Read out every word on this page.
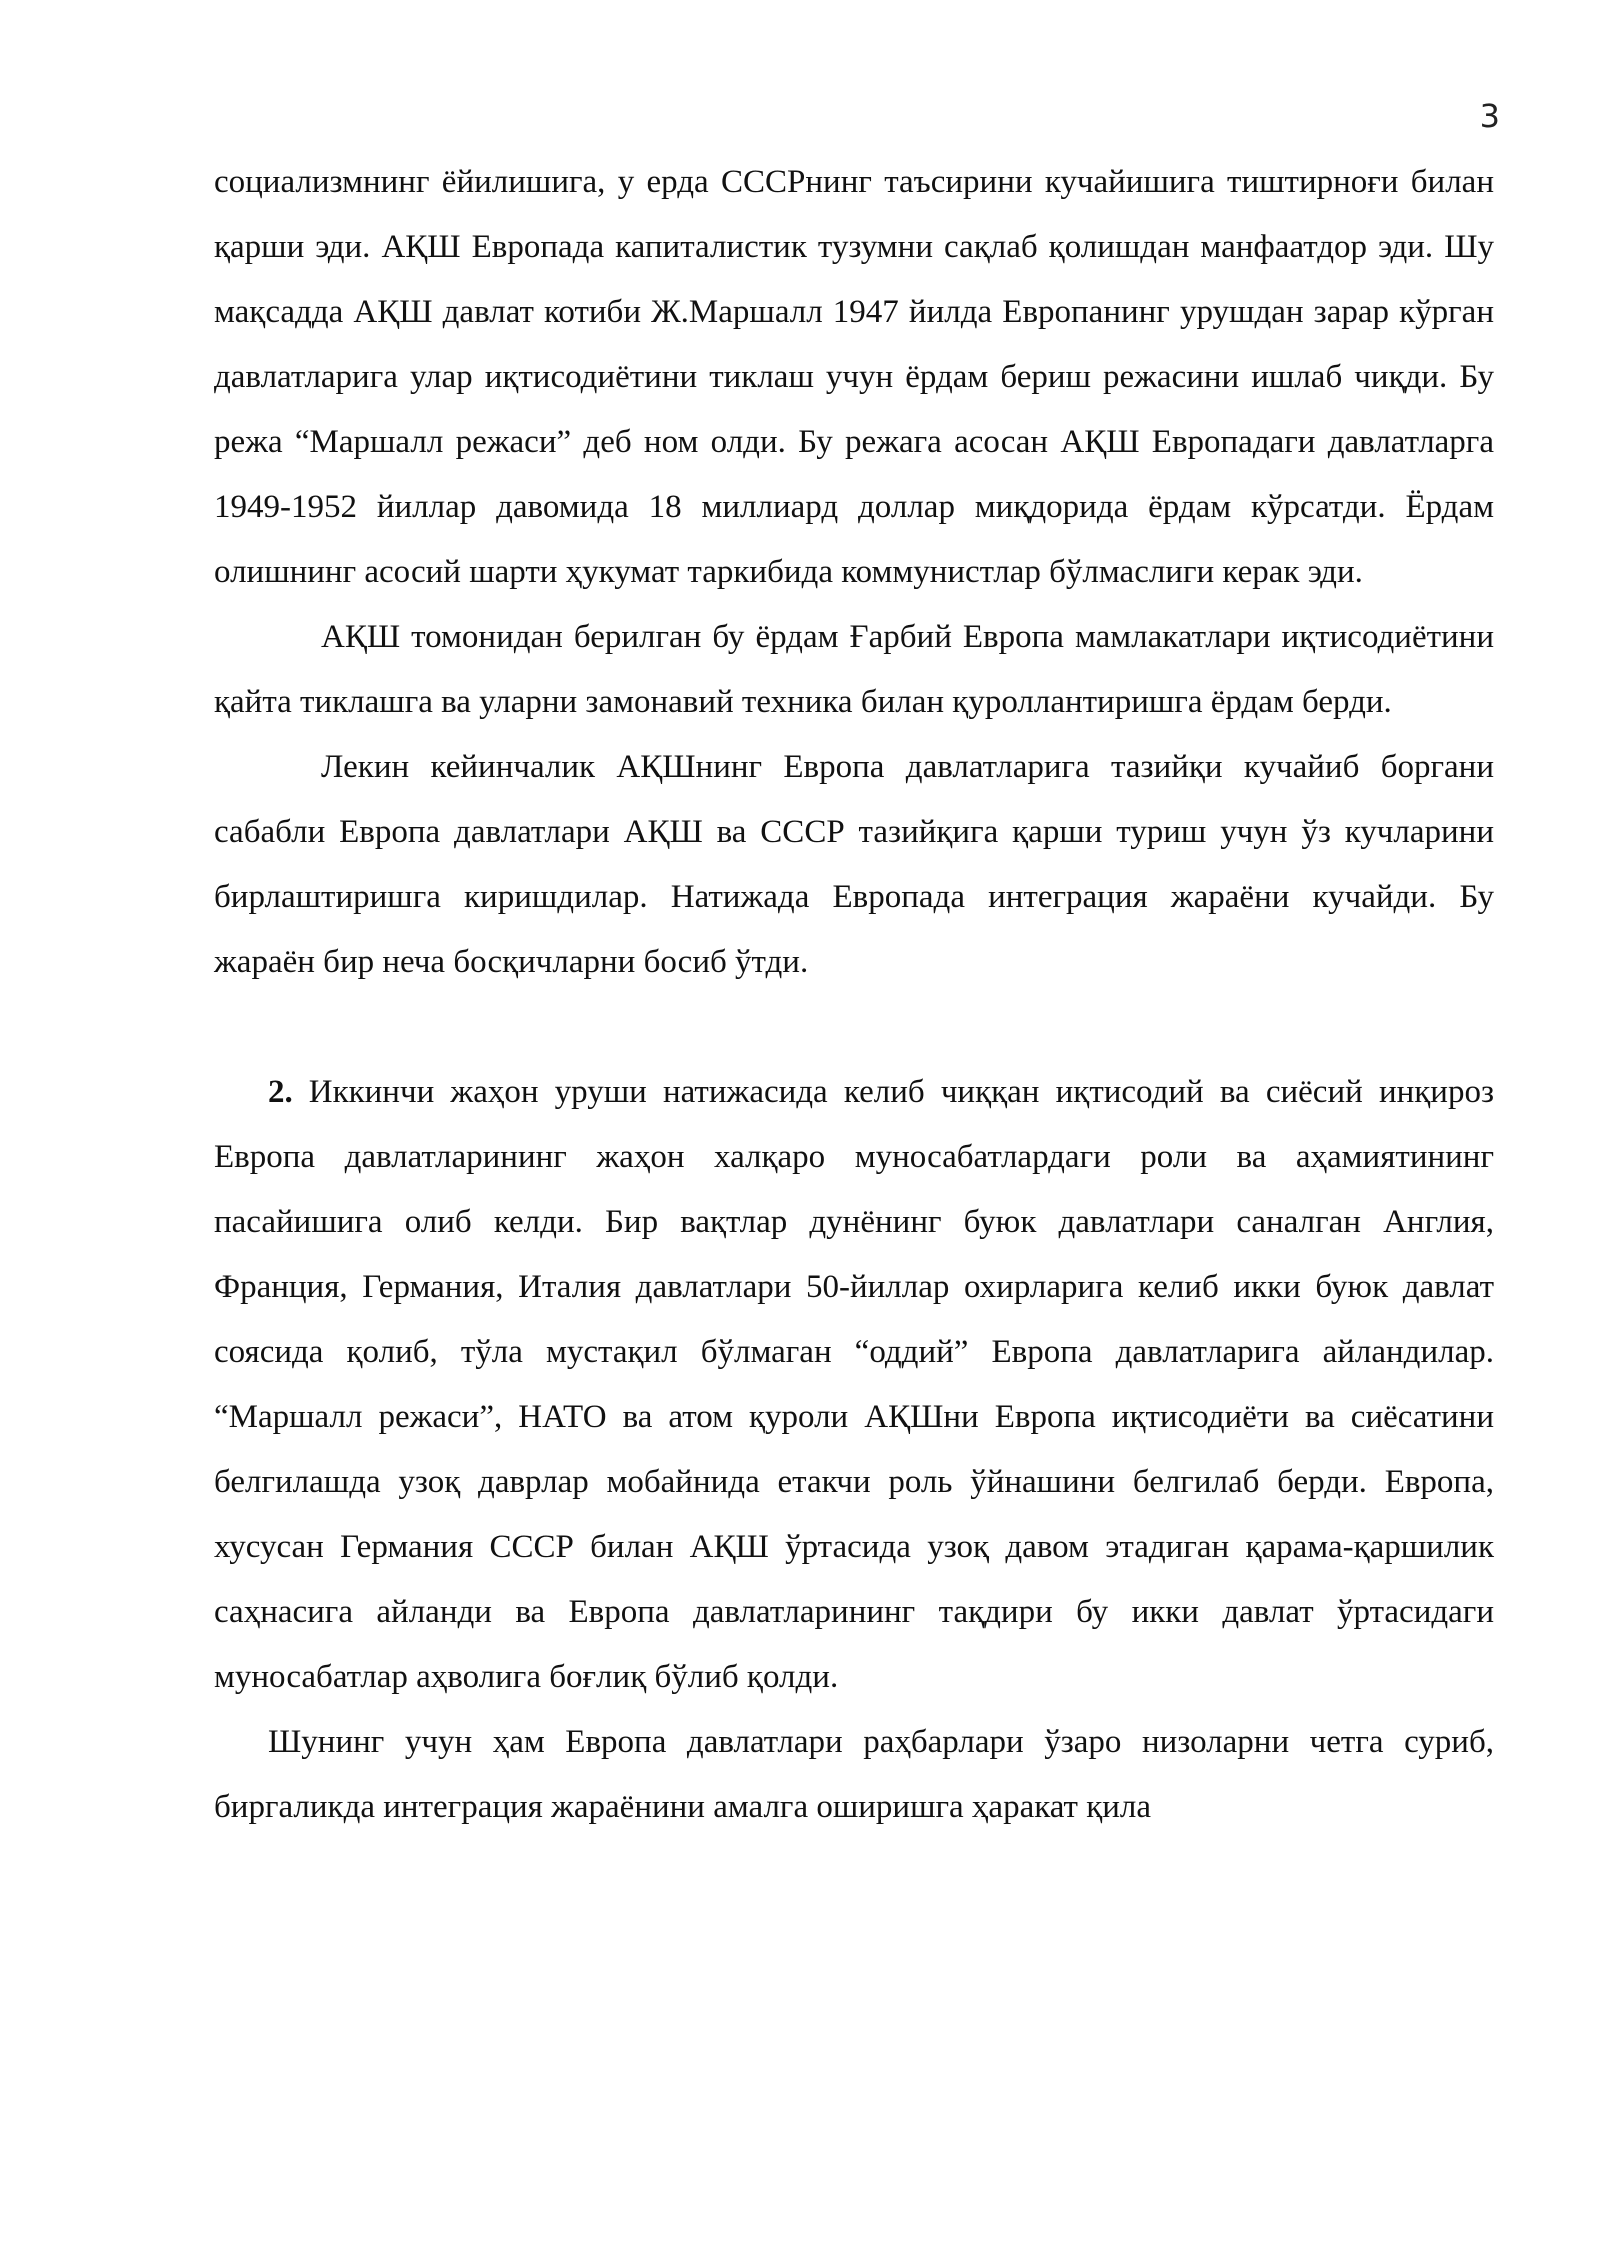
3

социализмнинг ёйилишига, у ерда СССРнинг таъсирини кучайишига тиштирноғи билан қарши эди. АҚШ Европада капиталистик тузумни сақлаб қолишдан манфаатдор эди. Шу мақсадда АҚШ давлат котиби Ж.Маршалл 1947 йилда Европанинг урушдан зарар кўрган давлатларига улар иқтисодиётини тиклаш учун ёрдам бериш режасини ишлаб чиқди. Бу режа “Маршалл режаси” деб ном олди. Бу режага асосан АҚШ Европадаги давлатларга 1949-1952 йиллар давомида 18 миллиард доллар миқдорида ёрдам кўрсатди. Ёрдам олишнинг асосий шарти ҳукумат таркибида коммунистлар бўлмаслиги керак эди.

АҚШ томонидан берилган бу ёрдам Ғарбий Европа мамлакатлари иқтисодиётини қайта тиклашга ва уларни замонавий техника билан қуроллантиришга ёрдам берди.

Лекин кейинчалик АҚШнинг Европа давлатларига тазийқи кучайиб боргани сабабли Европа давлатлари АҚШ ва СССР тазийқига қарши туриш учун ўз кучларини бирлаштиришга киришдилар. Натижада Европада интеграция жараёни кучайди. Бу жараён бир неча босқичларни босиб ўтди.

2. Иккинчи жаҳон уруши натижасида келиб чиққан иқтисодий ва сиёсий инқироз Европа давлатларининг жаҳон халқаро муносабатлардаги роли ва аҳамиятининг пасайишига олиб келди. Бир вақтлар дунёнинг буюк давлатлари саналган Англия, Франция, Германия, Италия давлатлари 50-йиллар охирларига келиб икки буюк давлат соясида қолиб, тўла мустақил бўлмаган “оддий” Европа давлатларига айландилар. “Маршалл режаси”, НАТО ва атом қуроли АҚШни Европа иқтисодиёти ва сиёсатини белгилашда узоқ даврлар мобайнида етакчи роль ўйнашини белгилаб берди. Европа, хусусан Германия СССР билан АҚШ ўртасида узоқ давом этадиган қарама-қаршилик саҳнасига айланди ва Европа давлатларининг тақдири бу икки давлат ўртасидаги муносабатлар аҳволига боғлиқ бўлиб қолди.

Шунинг учун ҳам Европа давлатлари раҳбарлари ўзаро низоларни четга суриб, биргаликда интеграция жараёнини амалга оширишга ҳаракат қила
